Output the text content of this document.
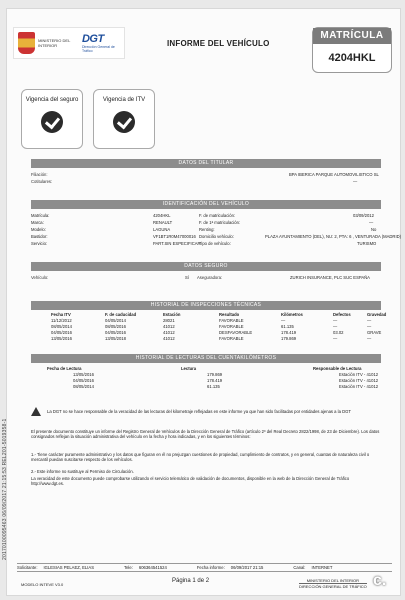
MINISTERIO DEL INTERIOR
DGT
Dirección General de Tráfico
INFORME DEL VEHÍCULO
MATRÍCULA
4204HKL
Vigencia del seguro	Vigencia de ITV
DATOS DEL TITULAR
Filiación:	BPA IBERICA PARQUE AUTOMOVILISTICO SL
Cotitulares:	—
IDENTIFICACIÓN DEL VEHÍCULO
DATOS SEGURO
Vehículo:	Sí Aseguradora:	ZURICH INSURANCE, PLC SUC ESPAÑA
HISTORIAL DE INSPECCIONES TÉCNICAS
Fecha ITV	F. de caducidad	Estación	Resultado	Kilómetros	Defectos	Gravedad
11/12/2012	04/05/2014	28021	FAVORABLE	—	—	—
08/05/2014	08/05/2016	41012	FAVORABLE	61.135	—	—
04/05/2016	04/05/2016	41012	DESFAVORABLE	178.419	03.02	GRAVE
13/05/2016	13/05/2018	41012	FAVORABLE	179.869	—	—
HISTORIAL DE LECTURAS DEL CUENTAKILÓMETROS
Fecha de Lectura	Lectura	Responsable de Lectura
13/05/2016	179.869	Estación ITV - 41012
04/05/2016	178.419	Estación ITV - 41012
08/05/2014	61.135	Estación ITV - 41012

La DGT no se hace responsable de la veracidad de las lecturas del kilometraje reflejadas en este informe ya que han sido facilitadas por entidades ajenas a la DGT

El presente documento constituye un informe del Registro General de Vehículos de la Dirección General de Tráfico (artículo 2º del Real Decreto 2822/1998, de 23 de Diciembre). Los datos consignados reflejan la situación administrativa del vehículo en la fecha y hora indicadas, y en los siguientes términos:
1.- Tiene carácter puramente administrativo y los datos que figuran en él no prejuzgan cuestiones de propiedad, cumplimiento de contratos, y en general, cuantas de naturaleza civil o mercantil puedan suscitarse respecto de los vehículos.
2.- Este informe no sustituye al Permiso de Circulación.
La veracidad de este documento puede comprobarse utilizando el servicio telemático de validación de documentos, disponible en la web de la Dirección General de Tráfico http://www.dgt.es.
Solicitante: IGLESIAS PELAEZ, ELIAS	Tele: 606364541524	Fecha informe: 06/09/2017 21:15	Canal: INTERNET
MODELO INTEVE V3.0
Página 1 de 2	MINISTERIO DEL INTERIOR
DIRECCIÓN GENERAL DE TRÁFICO c.
Matrícula:	4204HKL
Marca:	RENAULT
Modelo:	LAGUNA
Bastidor:	VF1BT1R0M47000016
Servicio:	PART.SIN ESPECIFICAR
F. de matriculación:	03/09/2012
F. de 1ª matriculación:	—
Renting:	No
Domicilio vehículo:	PLAZA AYUNTAMIENTO (DEL), NU: 2, PTA: 6 , VENTURADA (MADRID)
Tipo de vehículo:	TURISMO
20170100095463 06/09/2017 21:15:53 REL201-5019358-1
